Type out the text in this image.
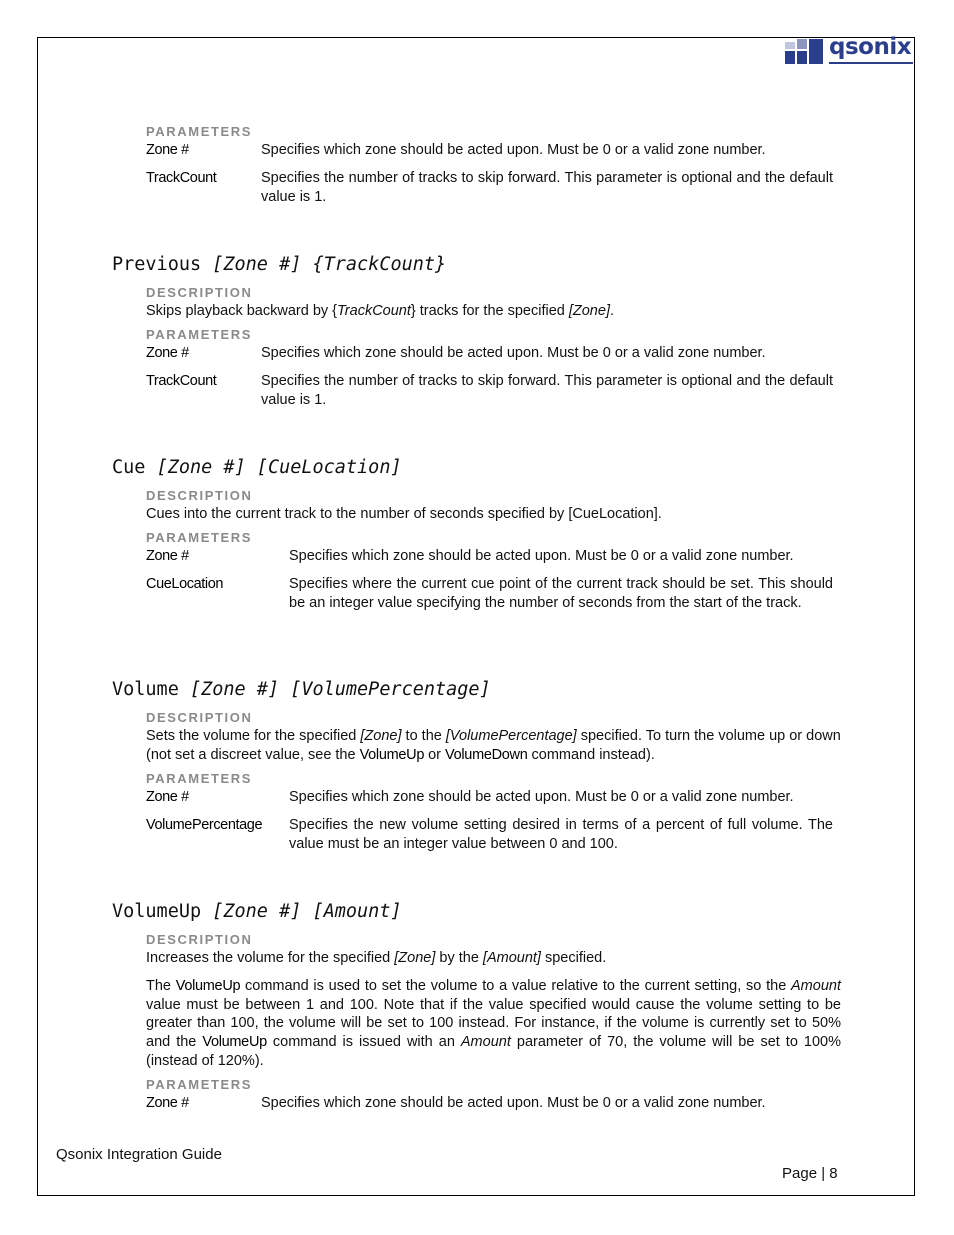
qsonix
PARAMETERS
Zone #	Specifies which zone should be acted upon. Must be 0 or a valid zone number.
TrackCount	Specifies the number of tracks to skip forward. This parameter is optional and the default value is 1.
Previous [Zone #] {TrackCount}
DESCRIPTION
Skips playback backward by {TrackCount} tracks for the specified [Zone].
PARAMETERS
Zone #	Specifies which zone should be acted upon. Must be 0 or a valid zone number.
TrackCount	Specifies the number of tracks to skip forward. This parameter is optional and the default value is 1.
Cue [Zone #] [CueLocation]
DESCRIPTION
Cues into the current track to the number of seconds specified by [CueLocation].
PARAMETERS
Zone #	Specifies which zone should be acted upon. Must be 0 or a valid zone number.
CueLocation	Specifies where the current cue point of the current track should be set. This should be an integer value specifying the number of seconds from the start of the track.
Volume [Zone #] [VolumePercentage]
DESCRIPTION
Sets the volume for the specified [Zone] to the [VolumePercentage] specified. To turn the volume up or down (not set a discreet value, see the VolumeUp or VolumeDown command instead).
PARAMETERS
Zone #	Specifies which zone should be acted upon. Must be 0 or a valid zone number.
VolumePercentage Specifies the new volume setting desired in terms of a percent of full volume. The value must be an integer value between 0 and 100.
VolumeUp [Zone #] [Amount]
DESCRIPTION
Increases the volume for the specified [Zone] by the [Amount] specified.
The VolumeUp command is used to set the volume to a value relative to the current setting, so the Amount value must be between 1 and 100. Note that if the value specified would cause the volume setting to be greater than 100, the volume will be set to 100 instead. For instance, if the volume is currently set to 50% and the VolumeUp command is issued with an Amount parameter of 70, the volume will be set to 100% (instead of 120%).
PARAMETERS
Zone #	Specifies which zone should be acted upon. Must be 0 or a valid zone number.
Qsonix Integration Guide
Page | 8
